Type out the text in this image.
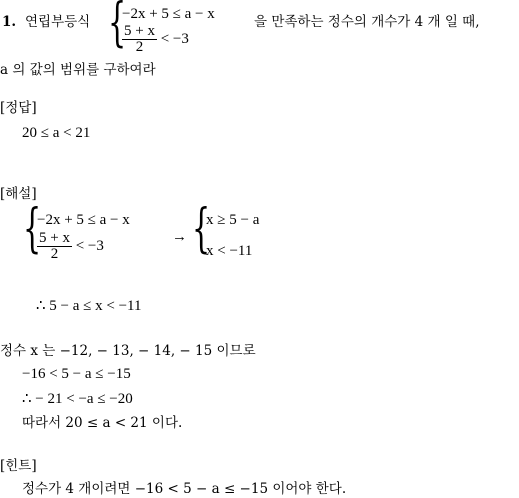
1. 연립부등식 {
−2x + 5 ≤ a − x
$\frac{5 + x}{2} < -3$
을 만족하는 정수의 개수가 4 개 일 때,
a 의 값의 범위를 구하여라
[정답]
20 ≤ a < 21
[해설]
{
−2x + 5 ≤ a − x
$\frac{5 + x}{2} < -3$
→ {
x ≥ 5 − a
x < −11
∴ 5 − a ≤ x < −11
정수 x 는 −12, − 13, − 14, − 15 이므로
−16 < 5 − a ≤ −15
∴ − 21 < −a ≤ −20
따라서 20 ≤ a < 21 이다.
[힌트]
정수가 4 개이려면 −16 < 5 − a ≤ −15 이어야 한다.
